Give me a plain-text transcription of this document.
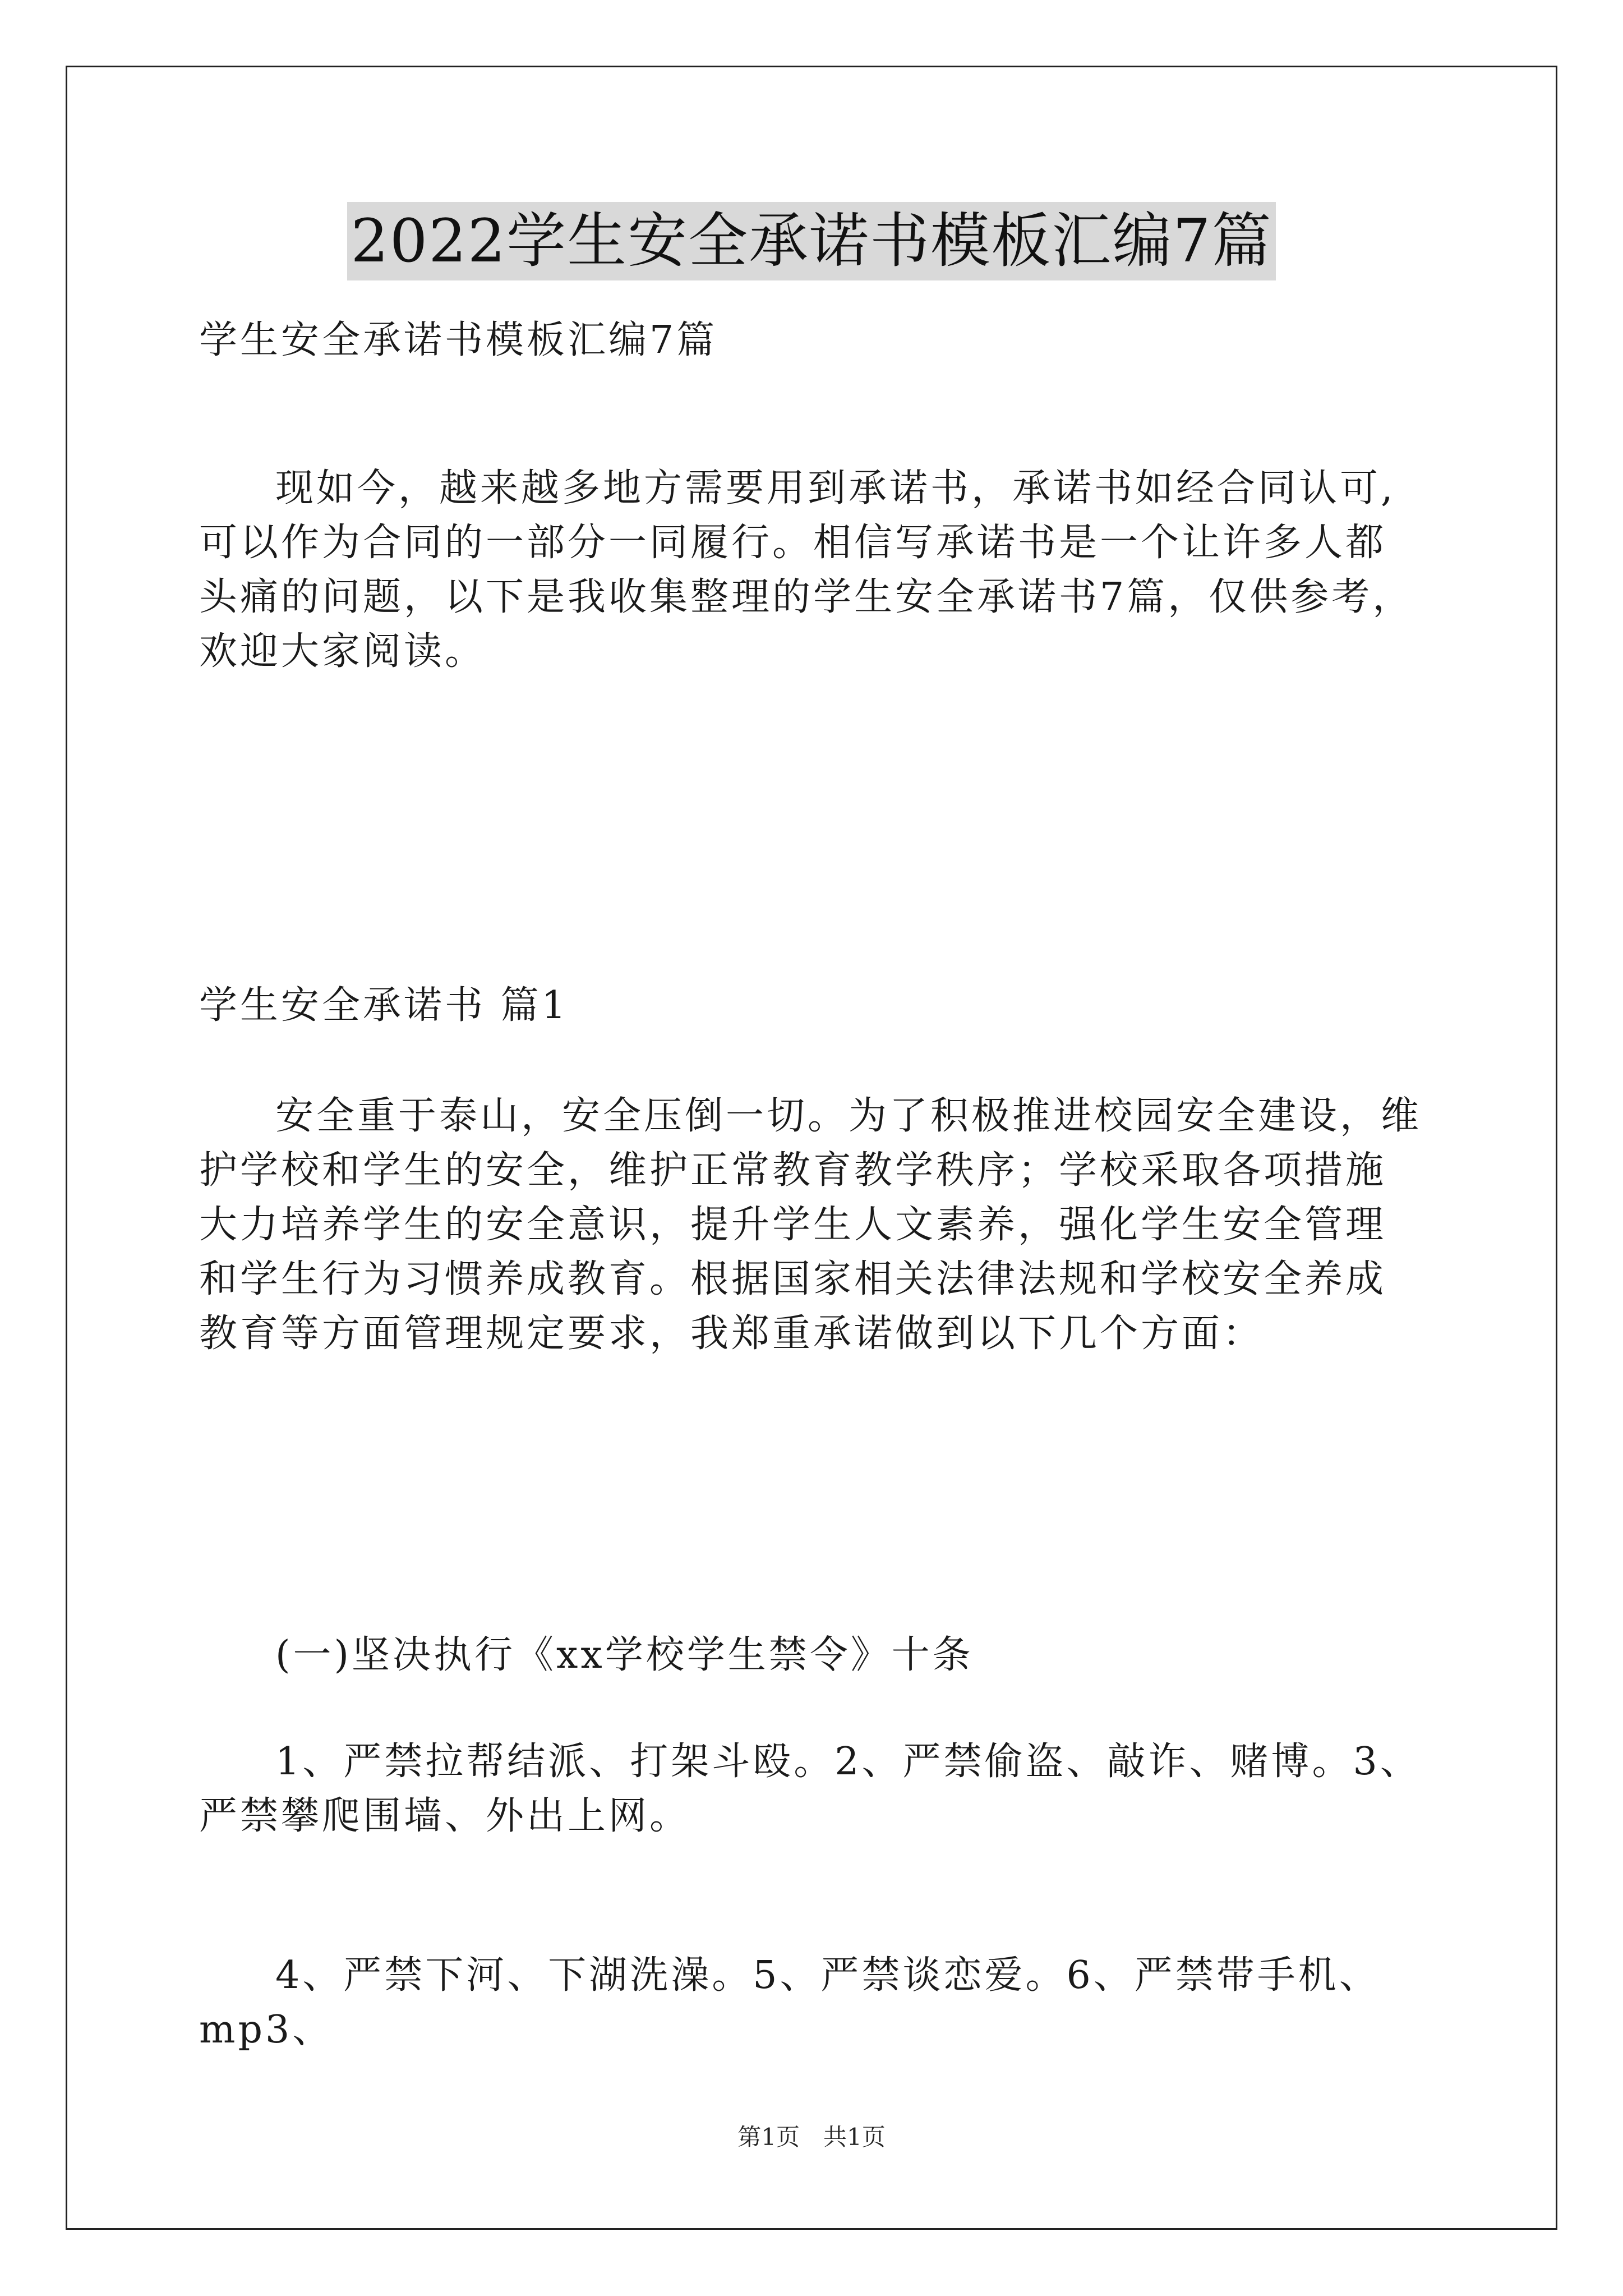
2022学生安全承诺书模板汇编7篇

学生安全承诺书模板汇编7篇

现如今，越来越多地方需要用到承诺书，承诺书如经合同认可,可以作为合同的一部分一同履行。相信写承诺书是一个让许多人都头痛的问题，以下是我收集整理的学生安全承诺书7篇，仅供参考，欢迎大家阅读。

学生安全承诺书 篇1

安全重于泰山，安全压倒一切。为了积极推进校园安全建设，维护学校和学生的安全，维护正常教育教学秩序；学校采取各项措施大力培养学生的安全意识，提升学生人文素养，强化学生安全管理和学生行为习惯养成教育。根据国家相关法律法规和学校安全养成教育等方面管理规定要求，我郑重承诺做到以下几个方面：

(一)坚决执行《xx学校学生禁令》十条

1、严禁拉帮结派、打架斗殴。2、严禁偷盗、敲诈、赌博。3、严禁攀爬围墙、外出上网。

4、严禁下河、下湖洗澡。5、严禁谈恋爱。6、严禁带手机、mp3、

第1页　共1页
